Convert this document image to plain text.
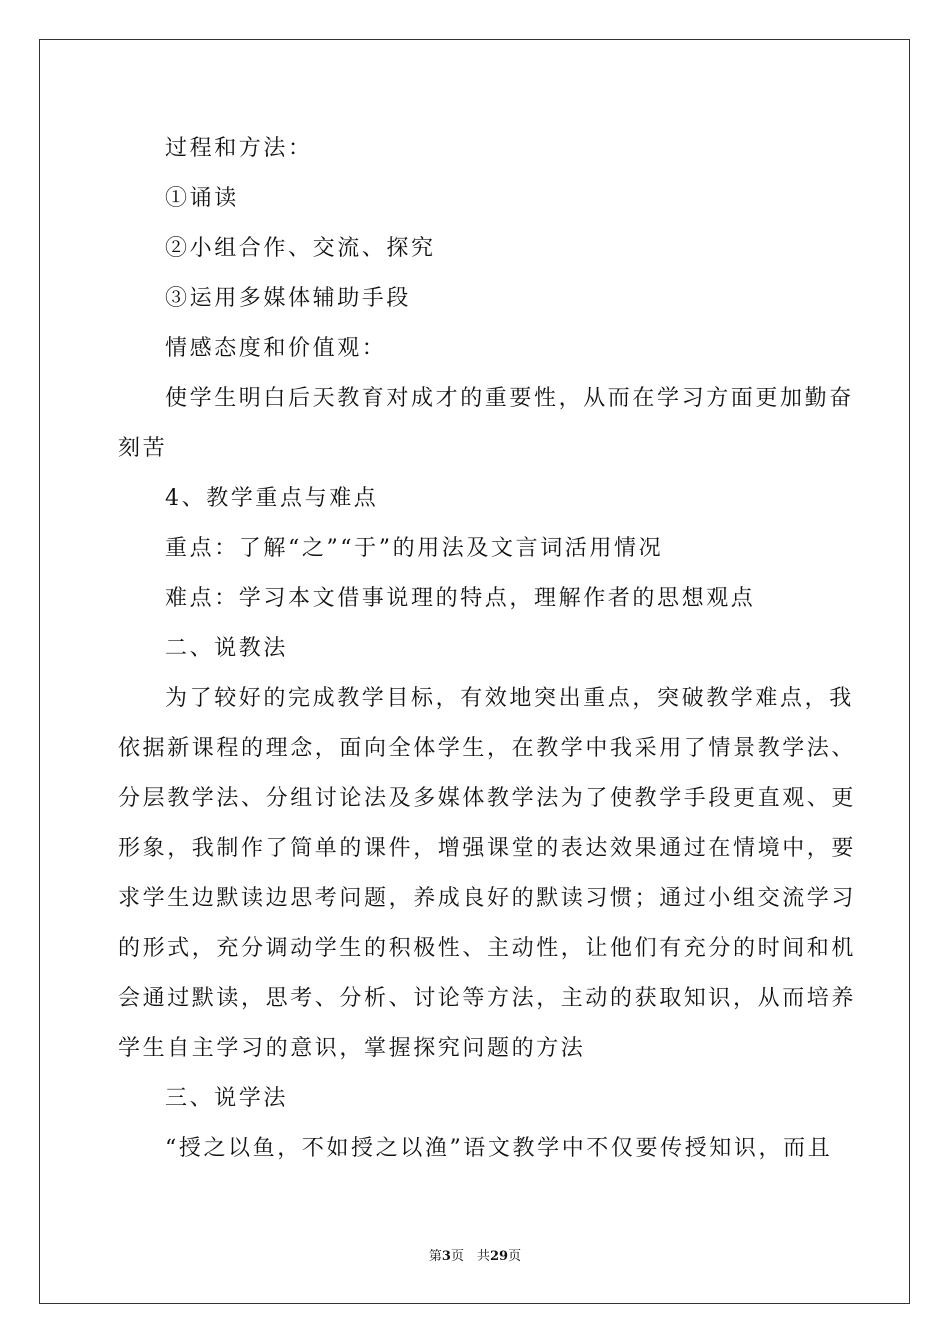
过程和方法：
①诵读
②小组合作、交流、探究
③运用多媒体辅助手段
情感态度和价值观：
使学生明白后天教育对成才的重要性，从而在学习方面更加勤奋
刻苦
4、教学重点与难点
重点：了解“之”“于”的用法及文言词活用情况
难点：学习本文借事说理的特点，理解作者的思想观点
二、说教法
为了较好的完成教学目标，有效地突出重点，突破教学难点，我
依据新课程的理念，面向全体学生，在教学中我采用了情景教学法、
分层教学法、分组讨论法及多媒体教学法为了使教学手段更直观、更
形象，我制作了简单的课件，增强课堂的表达效果通过在情境中，要
求学生边默读边思考问题，养成良好的默读习惯；通过小组交流学习
的形式，充分调动学生的积极性、主动性，让他们有充分的时间和机
会通过默读，思考、分析、讨论等方法，主动的获取知识，从而培养
学生自主学习的意识，掌握探究问题的方法
三、说学法
“授之以鱼，不如授之以渔”语文教学中不仅要传授知识，而且
第3页　共29页
